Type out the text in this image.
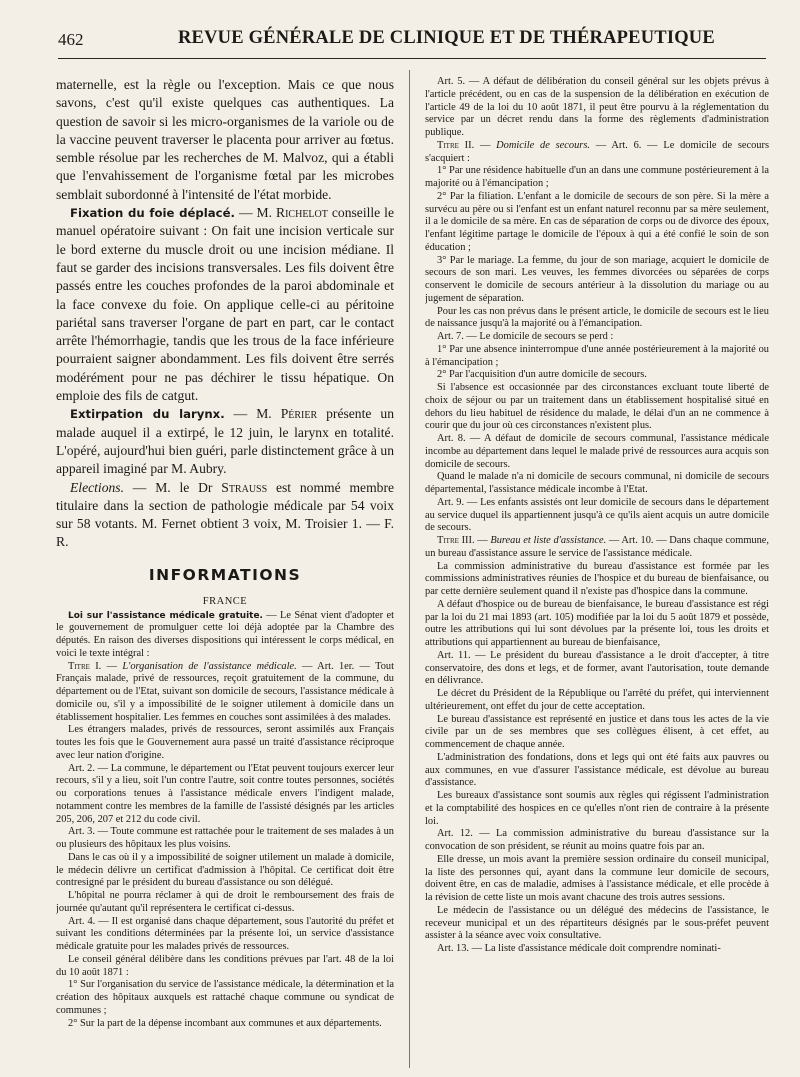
462	REVUE GÉNÉRALE DE CLINIQUE ET DE THÉRAPEUTIQUE

maternelle, est la règle ou l'exception. Mais ce que nous savons, c'est qu'il existe quelques cas authentiques. La question de savoir si les micro-organismes de la variole ou de la vaccine peuvent traverser le placenta pour arriver au fœtus. semble résolue par les recherches de M. Malvoz, qui a établi que l'envahissement de l'organisme fœtal par les microbes semblait subordonné à l'intensité de l'état morbide.

Fixation du foie déplacé. — M. Richelot conseille le manuel opératoire suivant : On fait une incision verticale sur le bord externe du muscle droit ou une incision médiane. Il faut se garder des incisions transversales. Les fils doivent être passés entre les couches profondes de la paroi abdominale et la face convexe du foie. On applique celle-ci au péritoine pariétal sans traverser l'organe de part en part, car le contact arrête l'hémorrhagie, tandis que les trous de la face inférieure pourraient saigner abondamment. Les fils doivent être serrés modérément pour ne pas déchirer le tissu hépatique. On emploie des fils de catgut.

Extirpation du larynx. — M. Périer présente un malade auquel il a extirpé, le 12 juin, le larynx en totalité. L'opéré, aujourd'hui bien guéri, parle distinctement grâce à un appareil imaginé par M. Aubry.

Elections. — M. le Dr Strauss est nommé membre titulaire dans la section de pathologie médicale par 54 voix sur 58 votants. M. Fernet obtient 3 voix, M. Troisier 1. — F. R.

INFORMATIONS
FRANCE

Loi sur l'assistance médicale gratuite. — Le Sénat vient d'adopter et le gouvernement de promulguer cette loi déjà adoptée par la Chambre des députés. En raison des diverses dispositions qui intéressent le corps médical, en voici le texte intégral :

Titre I. — L'organisation de l'assistance médicale. — Art. 1er. — Tout Français malade, privé de ressources, reçoit gratuitement de la commune, du département ou de l'Etat, suivant son domicile de secours, l'assistance médicale à domicile ou, s'il y a impossibilité de le soigner utilement à domicile dans un établissement hospitalier. Les femmes en couches sont assimilées à des malades.

Les étrangers malades, privés de ressources, seront assimilés aux Français toutes les fois que le Gouvernement aura passé un traité d'assistance réciproque avec leur nation d'origine.

Art. 2. — La commune, le département ou l'Etat peuvent toujours exercer leur recours, s'il y a lieu, soit l'un contre l'autre, soit contre toutes personnes, sociétés ou corporations tenues à l'assistance médicale envers l'indigent malade, notamment contre les membres de la famille de l'assisté désignés par les articles 205, 206, 207 et 212 du code civil.

Art. 3. — Toute commune est rattachée pour le traitement de ses malades à un ou plusieurs des hôpitaux les plus voisins.

Dans le cas où il y a impossibilité de soigner utilement un malade à domicile, le médecin délivre un certificat d'admission à l'hôpital. Ce certificat doit être contresigné par le président du bureau d'assistance ou son délégué.

L'hôpital ne pourra réclamer à qui de droit le remboursement des frais de journée qu'autant qu'il représentera le certificat ci-dessus.

Art. 4. — Il est organisé dans chaque département, sous l'autorité du préfet et suivant les conditions déterminées par la présente loi, un service d'assistance médicale gratuite pour les malades privés de ressources.

Le conseil général délibère dans les conditions prévues par l'art. 48 de la loi du 10 août 1871 :

1° Sur l'organisation du service de l'assistance médicale, la détermination et la création des hôpitaux auxquels est rattaché chaque commune ou syndicat de communes ;

2° Sur la part de la dépense incombant aux communes et aux départements.

Art. 5. — A défaut de délibération du conseil général sur les objets prévus à l'article précédent, ou en cas de la suspension de la délibération en exécution de l'article 49 de la loi du 10 août 1871, il peut être pourvu à la réglementation du service par un décret rendu dans la forme des règlements d'administration publique.

Titre II. — Domicile de secours. — Art. 6. — Le domicile de secours s'acquiert :

1° Par une résidence habituelle d'un an dans une commune postérieurement à la majorité ou à l'émancipation ;

2° Par la filiation. L'enfant a le domicile de secours de son père. Si la mère a survécu au père ou si l'enfant est un enfant naturel reconnu par sa mère seulement, il a le domicile de sa mère. En cas de séparation de corps ou de divorce des époux, l'enfant légitime partage le domicile de l'époux à qui a été confié le soin de son éducation ;

3° Par le mariage. La femme, du jour de son mariage, acquiert le domicile de secours de son mari. Les veuves, les femmes divorcées ou séparées de corps conservent le domicile de secours antérieur à la dissolution du mariage ou au jugement de séparation.

Pour les cas non prévus dans le présent article, le domicile de secours est le lieu de naissance jusqu'à la majorité ou à l'émancipation.

Art. 7. — Le domicile de secours se perd :

1° Par une absence ininterrompue d'une année postérieurement à la majorité ou à l'émancipation ;

2° Par l'acquisition d'un autre domicile de secours.

Si l'absence est occasionnée par des circonstances excluant toute liberté de choix de séjour ou par un traitement dans un établissement hospitalisé situé en dehors du lieu habituel de résidence du malade, le délai d'un an ne commence à courir que du jour où ces circonstances n'existent plus.

Art. 8. — A défaut de domicile de secours communal, l'assistance médicale incombe au département dans lequel le malade privé de ressources aura acquis son domicile de secours.

Quand le malade n'a ni domicile de secours communal, ni domicile de secours départemental, l'assistance médicale incombe à l'Etat.

Art. 9. — Les enfants assistés ont leur domicile de secours dans le département au service duquel ils appartiennent jusqu'à ce qu'ils aient acquis un autre domicile de secours.

Titre III. — Bureau et liste d'assistance. — Art. 10. — Dans chaque commune, un bureau d'assistance assure le service de l'assistance médicale.

La commission administrative du bureau d'assistance est formée par les commissions administratives réunies de l'hospice et du bureau de bienfaisance, ou par cette dernière seulement quand il n'existe pas d'hospice dans la commune.

A défaut d'hospice ou de bureau de bienfaisance, le bureau d'assistance est régi par la loi du 21 mai 1893 (art. 105) modifiée par la loi du 5 août 1879 et possède, outre les attributions qui lui sont dévolues par la présente loi, tous les droits et attributions qui appartiennent au bureau de bienfaisance,

Art. 11. — Le président du bureau d'assistance a le droit d'accepter, à titre conservatoire, des dons et legs, et de former, avant l'autorisation, toute demande en délivrance.

Le décret du Président de la République ou l'arrêté du préfet, qui interviennent ultérieurement, ont effet du jour de cette acceptation.

Le bureau d'assistance est représenté en justice et dans tous les actes de la vie civile par un de ses membres que ses collègues élisent, à cet effet, au commencement de chaque année.

L'administration des fondations, dons et legs qui ont été faits aux pauvres ou aux communes, en vue d'assurer l'assistance médicale, est dévolue au bureau d'assistance.

Les bureaux d'assistance sont soumis aux règles qui régissent l'administration et la comptabilité des hospices en ce qu'elles n'ont rien de contraire à la présente loi.

Art. 12. — La commission administrative du bureau d'assistance sur la convocation de son président, se réunit au moins quatre fois par an.

Elle dresse, un mois avant la première session ordinaire du conseil municipal, la liste des personnes qui, ayant dans la commune leur domicile de secours, doivent être, en cas de maladie, admises à l'assistance médicale, et elle procède à la révision de cette liste un mois avant chacune des trois autres sessions.

Le médecin de l'assistance ou un délégué des médecins de l'assistance, le receveur municipal et un des répartiteurs désignés par le sous-préfet peuvent assister à la séance avec voix consultative.

Art. 13. — La liste d'assistance médicale doit comprendre nominati-
